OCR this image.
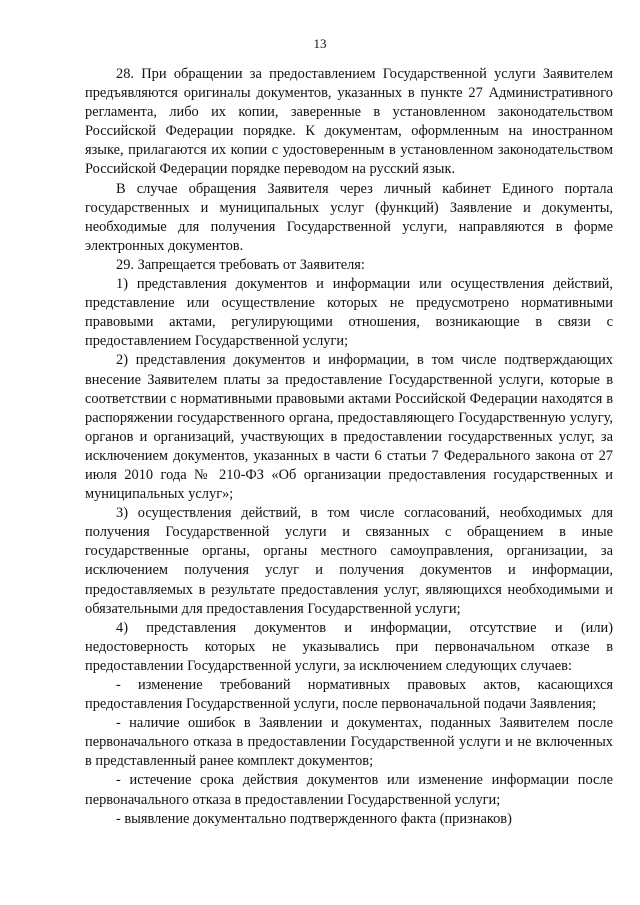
13

28. При обращении за предоставлением Государственной услуги Заявителем предъявляются оригиналы документов, указанных в пункте 27 Административного регламента, либо их копии, заверенные в установленном законодательством Российской Федерации порядке. К документам, оформленным на иностранном языке, прилагаются их копии с удостоверенным в установленном законодательством Российской Федерации порядке переводом на русский язык.

В случае обращения Заявителя через личный кабинет Единого портала государственных и муниципальных услуг (функций) Заявление и документы, необходимые для получения Государственной услуги, направляются в форме электронных документов.

29. Запрещается требовать от Заявителя:

1) представления документов и информации или осуществления действий, представление или осуществление которых не предусмотрено нормативными правовыми актами, регулирующими отношения, возникающие в связи с предоставлением Государственной услуги;

2) представления документов и информации, в том числе подтверждающих внесение Заявителем платы за предоставление Государственной услуги, которые в соответствии с нормативными правовыми актами Российской Федерации находятся в распоряжении государственного органа, предоставляющего Государственную услугу, органов и организаций, участвующих в предоставлении государственных услуг, за исключением документов, указанных в части 6 статьи 7 Федерального закона от 27 июля 2010 года № 210-ФЗ «Об организации предоставления государственных и муниципальных услуг»;

3) осуществления действий, в том числе согласований, необходимых для получения Государственной услуги и связанных с обращением в иные государственные органы, органы местного самоуправления, организации, за исключением получения услуг и получения документов и информации, предоставляемых в результате предоставления услуг, являющихся необходимыми и обязательными для предоставления Государственной услуги;

4) представления документов и информации, отсутствие и (или) недостоверность которых не указывались при первоначальном отказе в предоставлении Государственной услуги, за исключением следующих случаев:

- изменение требований нормативных правовых актов, касающихся предоставления Государственной услуги, после первоначальной подачи Заявления;

- наличие ошибок в Заявлении и документах, поданных Заявителем после первоначального отказа в предоставлении Государственной услуги и не включенных в представленный ранее комплект документов;

- истечение срока действия документов или изменение информации после первоначального отказа в предоставлении Государственной услуги;

- выявление документально подтвержденного факта (признаков)
